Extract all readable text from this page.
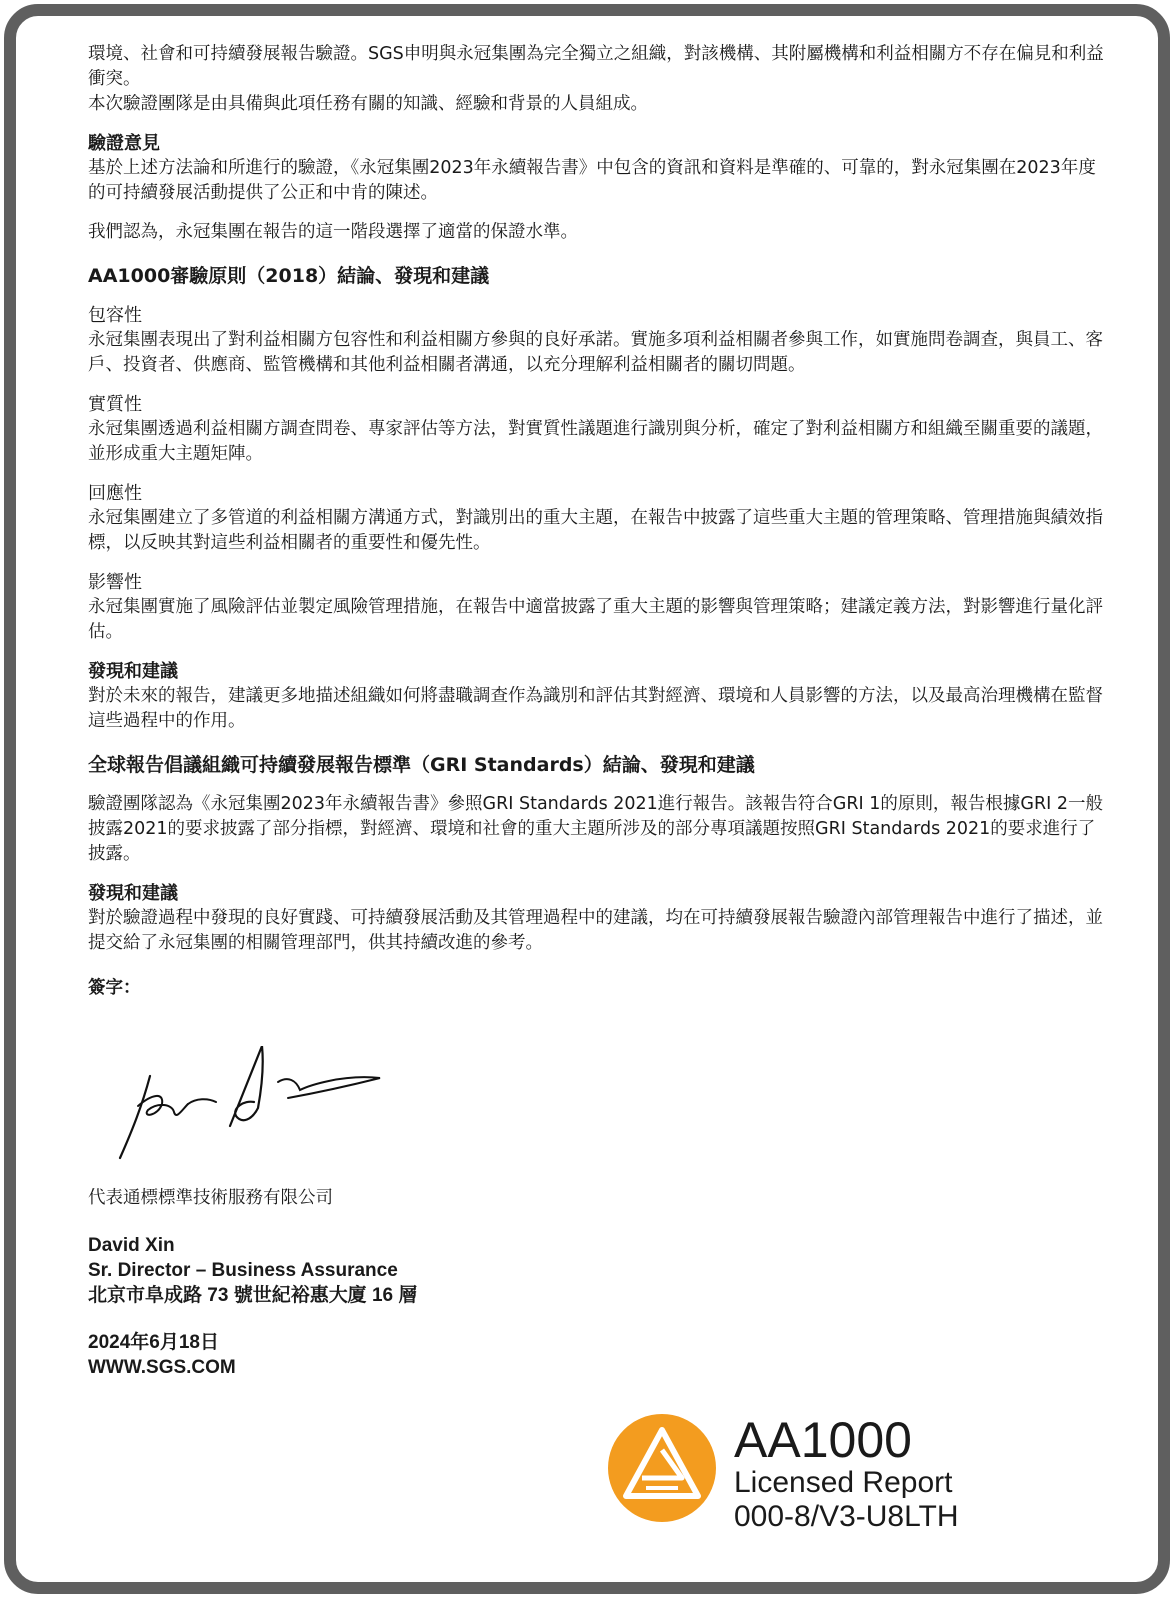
環境、社會和可持續發展報告驗證。SGS申明與永冠集團為完全獨立之組織，對該機構、其附屬機構和利益相關方不存在偏見和利益衝突。

本次驗證團隊是由具備與此項任務有關的知識、經驗和背景的人員組成。

驗證意見

基於上述方法論和所進行的驗證，《永冠集團2023年永續報告書》中包含的資訊和資料是準確的、可靠的，對永冠集團在2023年度的可持續發展活動提供了公正和中肯的陳述。

我們認為，永冠集團在報告的這一階段選擇了適當的保證水準。

AA1000審驗原則（2018）結論、發現和建議

包容性

永冠集團表現出了對利益相關方包容性和利益相關方參與的良好承諾。實施多項利益相關者參與工作，如實施問卷調查，與員工、客戶、投資者、供應商、監管機構和其他利益相關者溝通，以充分理解利益相關者的關切問題。

實質性

永冠集團透過利益相關方調查問卷、專家評估等方法，對實質性議題進行識別與分析，確定了對利益相關方和組織至關重要的議題，並形成重大主題矩陣。

回應性

永冠集團建立了多管道的利益相關方溝通方式，對識別出的重大主題，在報告中披露了這些重大主題的管理策略、管理措施與績效指標，以反映其對這些利益相關者的重要性和優先性。

影響性

永冠集團實施了風險評估並製定風險管理措施，在報告中適當披露了重大主題的影響與管理策略；建議定義方法，對影響進行量化評估。

發現和建議

對於未來的報告，建議更多地描述組織如何將盡職調查作為識別和評估其對經濟、環境和人員影響的方法，以及最高治理機構在監督這些過程中的作用。

全球報告倡議組織可持續發展報告標準（GRI Standards）結論、發現和建議

驗證團隊認為《永冠集團2023年永續報告書》參照GRI Standards 2021進行報告。該報告符合GRI 1的原則，報告根據GRI 2一般披露2021的要求披露了部分指標，對經濟、環境和社會的重大主題所涉及的部分專項議題按照GRI Standards 2021的要求進行了披露。

發現和建議

對於驗證過程中發現的良好實踐、可持續發展活動及其管理過程中的建議，均在可持續發展報告驗證內部管理報告中進行了描述，並提交給了永冠集團的相關管理部門，供其持續改進的參考。

簽字：

代表通標標準技術服務有限公司

David Xin

Sr. Director – Business Assurance

北京市阜成路 73 號世紀裕惠大廈 16 層

2024年6月18日

WWW.SGS.COM

AA1000
Licensed Report
000-8/V3-U8LTH
